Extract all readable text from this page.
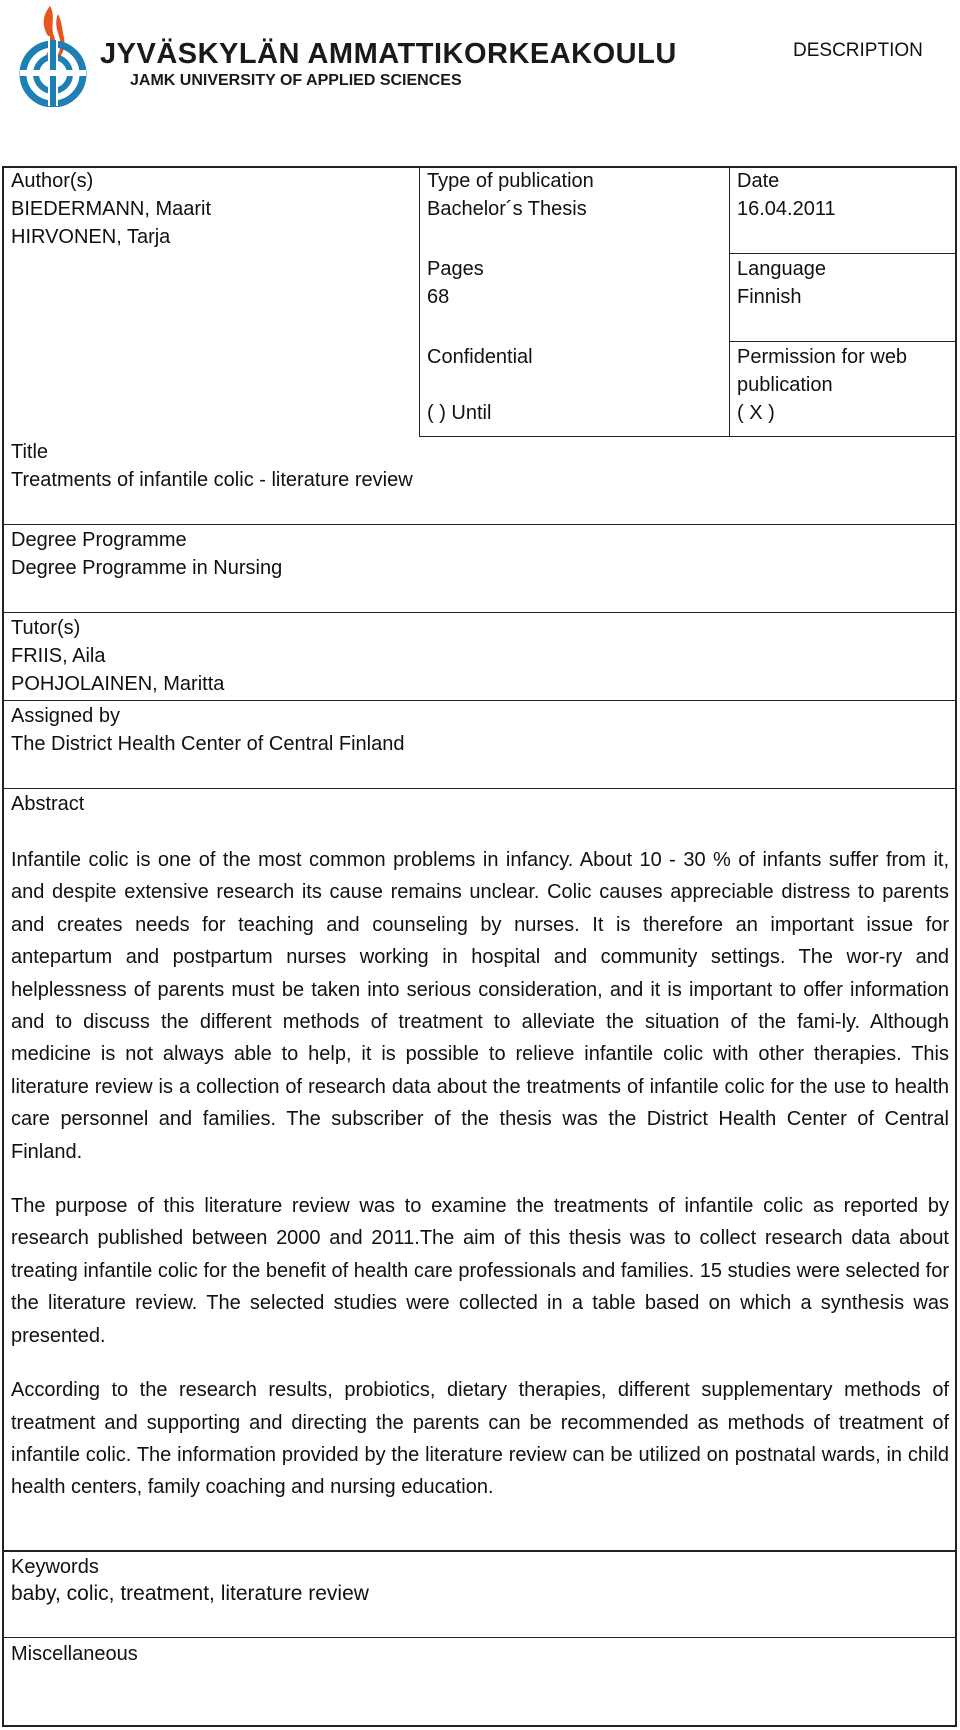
JYVÄSKYLÄN AMMATTIKORKEAKOULU
JAMK UNIVERSITY OF APPLIED SCIENCES
DESCRIPTION
Author(s)
BIEDERMANN, Maarit
HIRVONEN, Tarja
Type of publication
Bachelor´s Thesis
Date
16.04.2011
Pages
68
Language
Finnish
Confidential
( ) Until
Permission for web
publication
( X )
Title
Treatments of infantile colic - literature review
Degree Programme
Degree Programme in Nursing
Tutor(s)
FRIIS, Aila
POHJOLAINEN, Maritta
Assigned by
The District Health Center of Central Finland
Abstract

Infantile colic is one of the most common problems in infancy. About 10 - 30 % of infants suffer from it, and despite extensive research its cause remains unclear. Colic causes appreciable distress to parents and creates needs for teaching and counseling by nurses. It is therefore an important issue for antepartum and postpartum nurses working in hospital and community settings. The wor-ry and helplessness of parents must be taken into serious consideration, and it is important to offer information and to discuss the different methods of treatment to alleviate the situation of the fami-ly. Although medicine is not always able to help, it is possible to relieve infantile colic with other therapies. This literature review is a collection of research data about the treatments of infantile colic for the use to health care personnel and families. The subscriber of the thesis was the District Health Center of Central Finland.

The purpose of this literature review was to examine the treatments of infantile colic as reported by research published between 2000 and 2011.The aim of this thesis was to collect research data about treating infantile colic for the benefit of health care professionals and families. 15 studies were selected for the literature review. The selected studies were collected in a table based on which a synthesis was presented.

According to the research results, probiotics, dietary therapies, different supplementary methods of treatment and supporting and directing the parents can be recommended as methods of treatment of infantile colic. The information provided by the literature review can be utilized on postnatal wards, in child health centers, family coaching and nursing education.

Keywords
baby, colic, treatment, literature review
Miscellaneous
